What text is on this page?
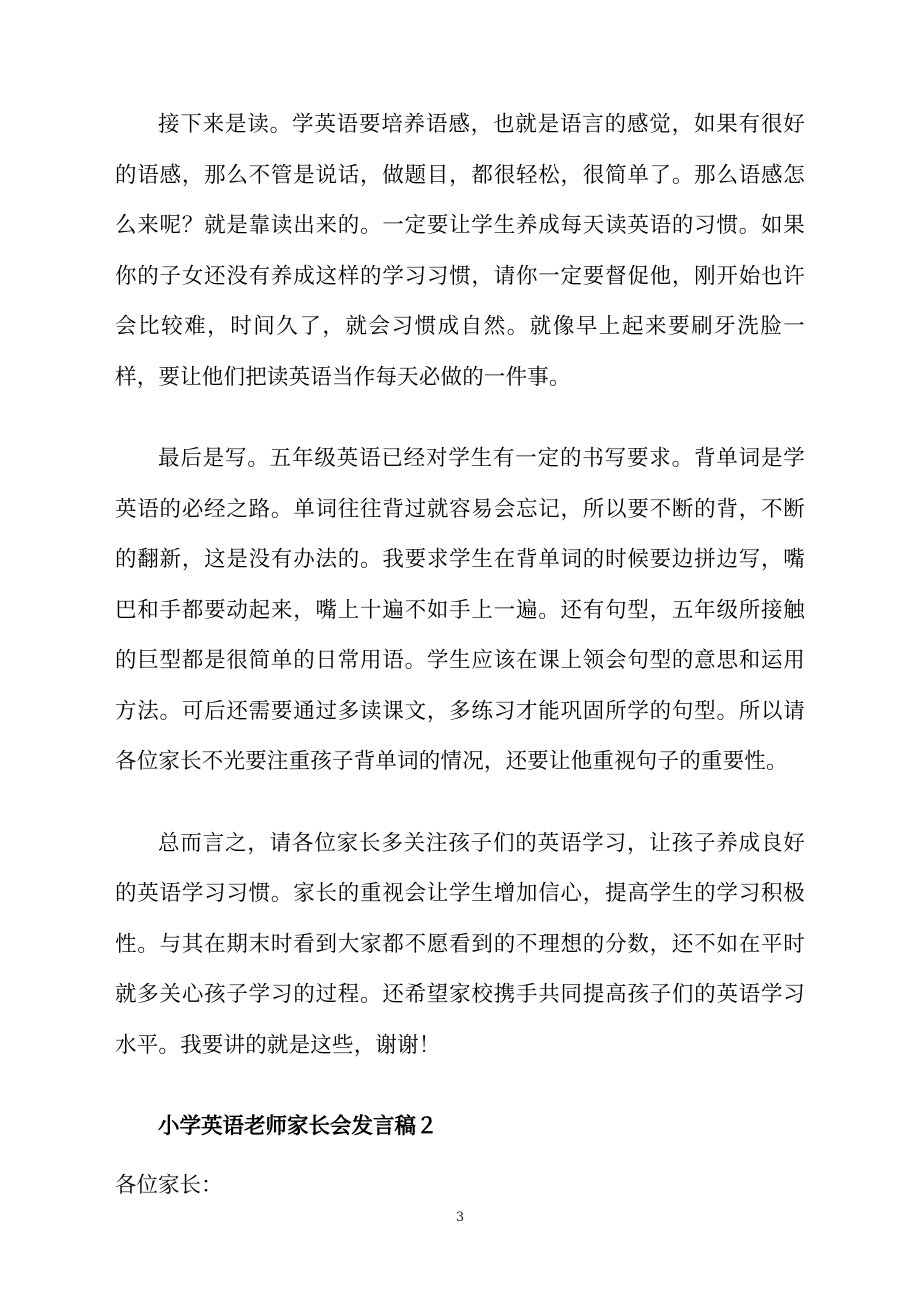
接下来是读。学英语要培养语感，也就是语言的感觉，如果有很好的语感，那么不管是说话，做题目，都很轻松，很简单了。那么语感怎么来呢？就是靠读出来的。一定要让学生养成每天读英语的习惯。如果你的子女还没有养成这样的学习习惯，请你一定要督促他，刚开始也许会比较难，时间久了，就会习惯成自然。就像早上起来要刷牙洗脸一样，要让他们把读英语当作每天必做的一件事。

最后是写。五年级英语已经对学生有一定的书写要求。背单词是学英语的必经之路。单词往往背过就容易会忘记，所以要不断的背，不断的翻新，这是没有办法的。我要求学生在背单词的时候要边拼边写，嘴巴和手都要动起来，嘴上十遍不如手上一遍。还有句型，五年级所接触的巨型都是很简单的日常用语。学生应该在课上领会句型的意思和运用方法。可后还需要通过多读课文，多练习才能巩固所学的句型。所以请各位家长不光要注重孩子背单词的情况，还要让他重视句子的重要性。

总而言之，请各位家长多关注孩子们的英语学习，让孩子养成良好的英语学习习惯。家长的重视会让学生增加信心，提高学生的学习积极性。与其在期末时看到大家都不愿看到的不理想的分数，还不如在平时就多关心孩子学习的过程。还希望家校携手共同提高孩子们的英语学习水平。我要讲的就是这些，谢谢！

小学英语老师家长会发言稿２

各位家长：

3
